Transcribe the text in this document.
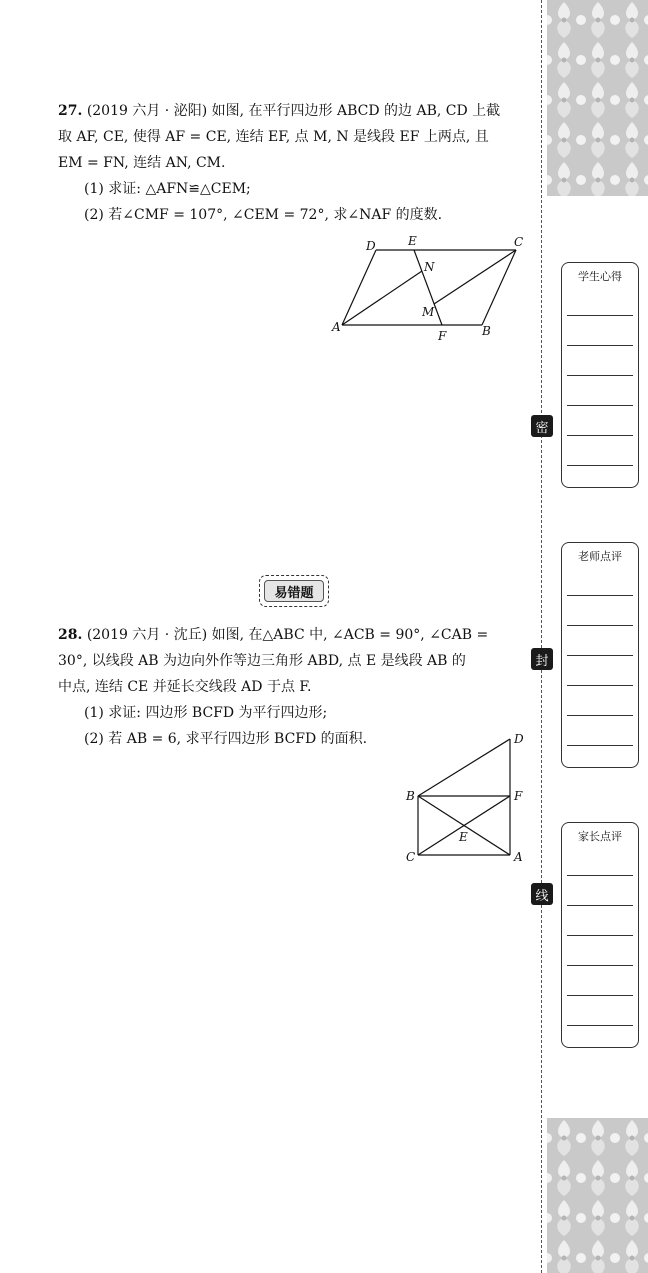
27. (2019 六月 · 泌阳) 如图, 在平行四边形 ABCD 的边 AB, CD 上截
取 AF, CE, 使得 AF = CE, 连结 EF, 点 M, N 是线段 EF 上两点, 且
EM = FN, 连结 AN, CM.
(1) 求证: △AFN≌△CEM;
(2) 若∠CMF = 107°, ∠CEM = 72°, 求∠NAF 的度数.
D	E	C
N
M
A
F	B
易错题
28. (2019 六月 · 沈丘) 如图, 在△ABC 中, ∠ACB = 90°, ∠CAB =
30°, 以线段 AB 为边向外作等边三角形 ABD, 点 E 是线段 AB 的
中点, 连结 CE 并延长交线段 AD 于点 F.
(1) 求证: 四边形 BCFD 为平行四边形;
(2) 若 AB = 6, 求平行四边形 BCFD 的面积.	D
B	F
E
C	A
密
封
线
学生心得
老师点评
家长点评
